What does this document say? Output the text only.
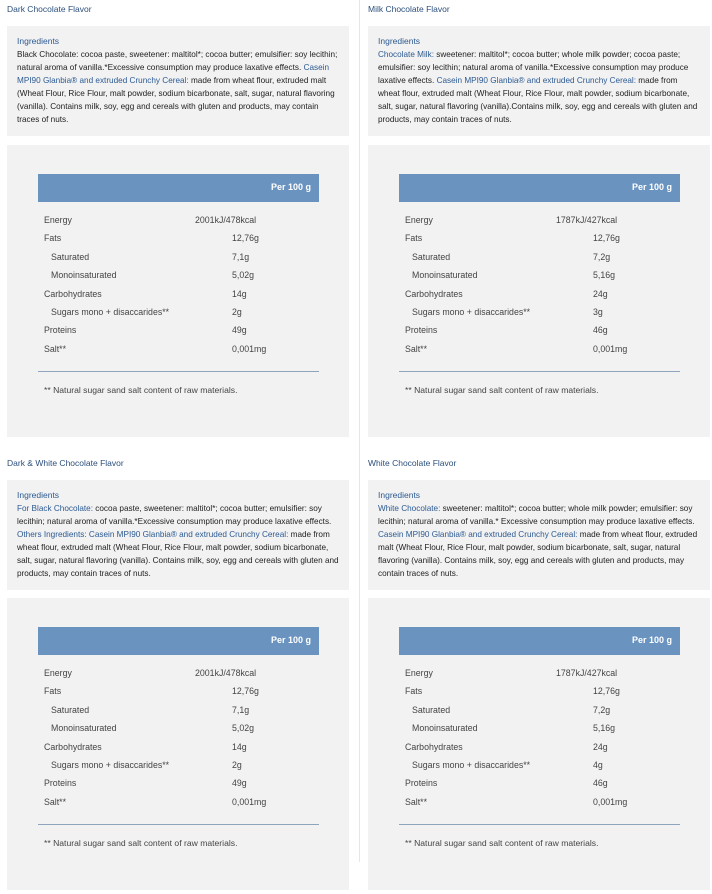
Dark Chocolate Flavor
Ingredients
Black Chocolate: cocoa paste, sweetener: maltitol*; cocoa butter; emulsifier: soy lecithin; natural aroma of vanilla.*Excessive consumption may produce laxative effects. Casein MPI90 Glanbia® and extruded Crunchy Cereal: made from wheat flour, extruded malt (Wheat Flour, Rice Flour, malt powder, sodium bicarbonate, salt, sugar, natural flavoring (vanilla). Contains milk, soy, egg and cereals with gluten and products, may contain traces of nuts.
Per 100 g
Energy	2001kJ/478kcal
Fats	12,76g
Saturated	7,1g
Monoinsaturated	5,02g
Carbohydrates	14g
Sugars mono + disaccarides**	2g
Proteins	49g
Salt**	0,001mg
** Natural sugar sand salt content of raw materials.
Milk Chocolate Flavor
Ingredients
Chocolate Milk: sweetener: maltitol*; cocoa butter; whole milk powder; cocoa paste; emulsifier: soy lecithin; natural aroma of vanilla.*Excessive consumption may produce laxative effects. Casein MPI90 Glanbia® and extruded Crunchy Cereal: made from wheat flour, extruded malt (Wheat Flour, Rice Flour, malt powder, sodium bicarbonate, salt, sugar, natural flavoring (vanilla).Contains milk, soy, egg and cereals with gluten and products, may contain traces of nuts.
Per 100 g
Energy	1787kJ/427kcal
Fats	12,76g
Saturated	7,2g
Monoinsaturated	5,16g
Carbohydrates	24g
Sugars mono + disaccarides**	3g
Proteins	46g
Salt**	0,001mg
** Natural sugar sand salt content of raw materials.
Dark & White Chocolate Flavor
Ingredients
For Black Chocolate: cocoa paste, sweetener: maltitol*; cocoa butter; emulsifier: soy lecithin; natural aroma of vanilla.*Excessive consumption may produce laxative effects. Others Ingredients: Casein MPI90 Glanbia® and extruded Crunchy Cereal: made from wheat flour, extruded malt (Wheat Flour, Rice Flour, malt powder, sodium bicarbonate, salt, sugar, natural flavoring (vanilla). Contains milk, soy, egg and cereals with gluten and products, may contain traces of nuts.
Per 100 g
Energy	2001kJ/478kcal
Fats	12,76g
Saturated	7,1g
Monoinsaturated	5,02g
Carbohydrates	14g
Sugars mono + disaccarides**	2g
Proteins	49g
Salt**	0,001mg
** Natural sugar sand salt content of raw materials.
White Chocolate Flavor
Ingredients
White Chocolate: sweetener: maltitol*; cocoa butter; whole milk powder; emulsifier: soy lecithin; natural aroma of vanilla.* Excessive consumption may produce laxative effects. Casein MPI90 Glanbia® and extruded Crunchy Cereal: made from wheat flour, extruded malt (Wheat Flour, Rice Flour, malt powder, sodium bicarbonate, salt, sugar, natural flavoring (vanilla). Contains milk, soy, egg and cereals with gluten and products, may contain traces of nuts.
Per 100 g
Energy	1787kJ/427kcal
Fats	12,76g
Saturated	7,2g
Monoinsaturated	5,16g
Carbohydrates	24g
Sugars mono + disaccarides**	4g
Proteins	46g
Salt**	0,001mg
** Natural sugar sand salt content of raw materials.
